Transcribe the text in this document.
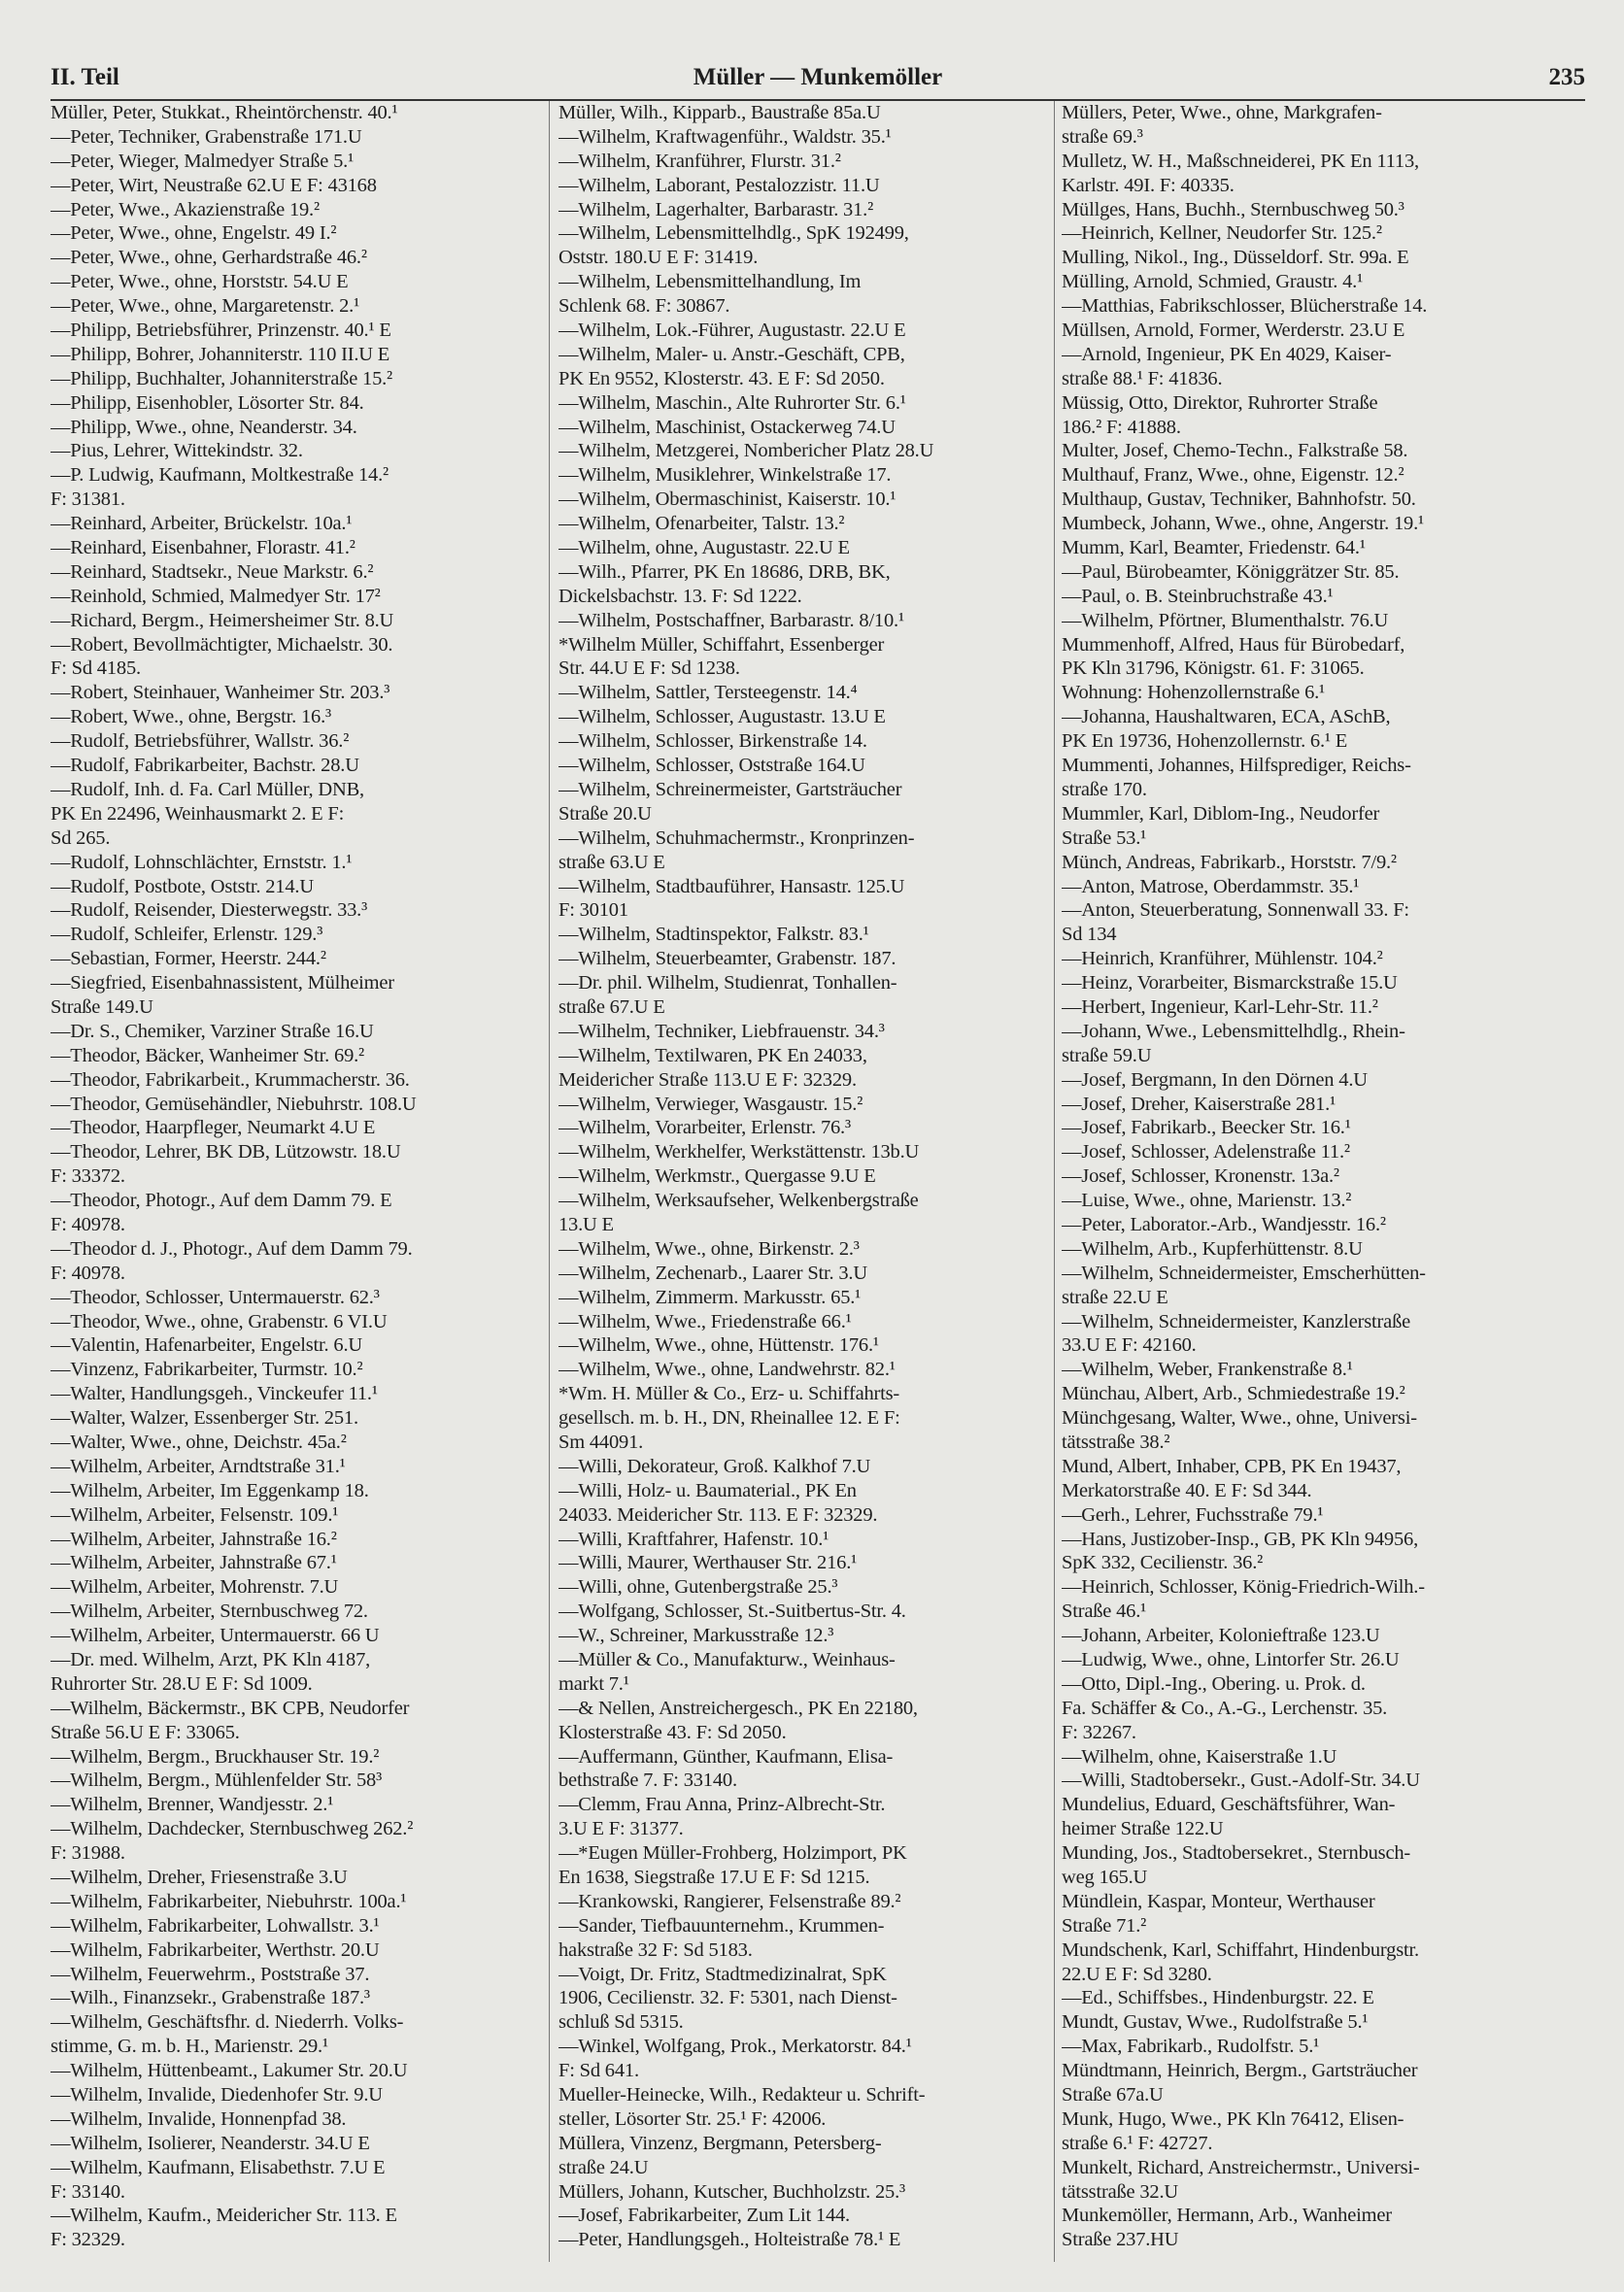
II. Teil	Müller — Munkemöller	235
Müller, Peter, Stukkat., Rheintörchenstr. 40.¹
—Peter, Techniker, Grabenstraße 171.U
—Peter, Wieger, Malmedyer Straße 5.¹
—Peter, Wirt, Neustraße 62.U E F: 43168
—Peter, Wwe., Akazienstraße 19.²
—Peter, Wwe., ohne, Engelstr. 49 I.²
—Peter, Wwe., ohne, Gerhardstraße 46.²
—Peter, Wwe., ohne, Horststr. 54.U E
—Peter, Wwe., ohne, Margaretenstr. 2.¹
—Philipp, Betriebsführer, Prinzenstr. 40.¹ E
—Philipp, Bohrer, Johanniterstr. 110 II.U E
—Philipp, Buchhalter, Johanniterstraße 15.²
—Philipp, Eisenhobler, Lösorter Str. 84.
—Philipp, Wwe., ohne, Neanderstr. 34.
—Pius, Lehrer, Wittekindstr. 32.
—P. Ludwig, Kaufmann, Moltkestraße 14.²
F: 31381.
—Reinhard, Arbeiter, Brückelstr. 10a.¹
—Reinhard, Eisenbahner, Florastr. 41.²
—Reinhard, Stadtsekr., Neue Markstr. 6.²
—Reinhold, Schmied, Malmedyer Str. 17²
—Richard, Bergm., Heimersheimer Str. 8.U
—Robert, Bevollmächtigter, Michaelstr. 30.
F: Sd 4185.
—Robert, Steinhauer, Wanheimer Str. 203.³
—Robert, Wwe., ohne, Bergstr. 16.³
—Rudolf, Betriebsführer, Wallstr. 36.²
—Rudolf, Fabrikarbeiter, Bachstr. 28.U
—Rudolf, Inh. d. Fa. Carl Müller, DNB,
PK En 22496, Weinhausmarkt 2. E F:
Sd 265.
—Rudolf, Lohnschlächter, Ernststr. 1.¹
—Rudolf, Postbote, Oststr. 214.U
—Rudolf, Reisender, Diesterwegstr. 33.³
—Rudolf, Schleifer, Erlenstr. 129.³
—Sebastian, Former, Heerstr. 244.²
—Siegfried, Eisenbahnassistent, Mülheimer
Straße 149.U
—Dr. S., Chemiker, Varziner Straße 16.U
—Theodor, Bäcker, Wanheimer Str. 69.²
—Theodor, Fabrikarbeit., Krummacherstr. 36.
—Theodor, Gemüsehändler, Niebuhrstr. 108.U
—Theodor, Haarpfleger, Neumarkt 4.U E
—Theodor, Lehrer, BK DB, Lützowstr. 18.U
F: 33372.
—Theodor, Photogr., Auf dem Damm 79. E
F: 40978.
—Theodor d. J., Photogr., Auf dem Damm 79.
F: 40978.
—Theodor, Schlosser, Untermauerstr. 62.³
—Theodor, Wwe., ohne, Grabenstr. 6 VI.U
—Valentin, Hafenarbeiter, Engelstr. 6.U
—Vinzenz, Fabrikarbeiter, Turmstr. 10.²
—Walter, Handlungsgeh., Vinckeufer 11.¹
—Walter, Walzer, Essenberger Str. 251.
—Walter, Wwe., ohne, Deichstr. 45a.²
—Wilhelm, Arbeiter, Arndtstraße 31.¹
—Wilhelm, Arbeiter, Im Eggenkamp 18.
—Wilhelm, Arbeiter, Felsenstr. 109.¹
—Wilhelm, Arbeiter, Jahnstraße 16.²
—Wilhelm, Arbeiter, Jahnstraße 67.¹
—Wilhelm, Arbeiter, Mohrenstr. 7.U
—Wilhelm, Arbeiter, Sternbuschweg 72.
—Wilhelm, Arbeiter, Untermauerstr. 66 U
—Dr. med. Wilhelm, Arzt, PK Kln 4187,
Ruhrorter Str. 28.U E F: Sd 1009.
—Wilhelm, Bäckermstr., BK CPB, Neudorfer
Straße 56.U E F: 33065.
—Wilhelm, Bergm., Bruckhauser Str. 19.²
—Wilhelm, Bergm., Mühlenfelder Str. 58³
—Wilhelm, Brenner, Wandjesstr. 2.¹
—Wilhelm, Dachdecker, Sternbuschweg 262.²
F: 31988.
—Wilhelm, Dreher, Friesenstraße 3.U
—Wilhelm, Fabrikarbeiter, Niebuhrstr. 100a.¹
—Wilhelm, Fabrikarbeiter, Lohwallstr. 3.¹
—Wilhelm, Fabrikarbeiter, Werthstr. 20.U
—Wilhelm, Feuerwehrm., Poststraße 37.
—Wilh., Finanzsekr., Grabenstraße 187.³
—Wilhelm, Geschäftsfhr. d. Niederrh. Volks-
stimme, G. m. b. H., Marienstr. 29.¹
—Wilhelm, Hüttenbeamt., Lakumer Str. 20.U
—Wilhelm, Invalide, Diedenhofer Str. 9.U
—Wilhelm, Invalide, Honnenpfad 38.
—Wilhelm, Isolierer, Neanderstr. 34.U E
—Wilhelm, Kaufmann, Elisabethstr. 7.U E
F: 33140.
—Wilhelm, Kaufm., Meidericher Str. 113. E
F: 32329.
Müller, Wilh., Kipparb., Baustraße 85a.U
—Wilhelm, Kraftwagenführ., Waldstr. 35.¹
—Wilhelm, Kranführer, Flurstr. 31.²
—Wilhelm, Laborant, Pestalozzistr. 11.U
—Wilhelm, Lagerhalter, Barbarastr. 31.²
—Wilhelm, Lebensmittelhdlg., SpK 192499,
Oststr. 180.U E F: 31419.
—Wilhelm, Lebensmittelhandlung, Im
Schlenk 68. F: 30867.
—Wilhelm, Lok.-Führer, Augustastr. 22.U E
—Wilhelm, Maler- u. Anstr.-Geschäft, CPB,
PK En 9552, Klosterstr. 43. E F: Sd 2050.
—Wilhelm, Maschin., Alte Ruhrorter Str. 6.¹
—Wilhelm, Maschinist, Ostackerweg 74.U
—Wilhelm, Metzgerei, Nombericher Platz 28.U
—Wilhelm, Musiklehrer, Winkelstraße 17.
—Wilhelm, Obermaschinist, Kaiserstr. 10.¹
—Wilhelm, Ofenarbeiter, Talstr. 13.²
—Wilhelm, ohne, Augustastr. 22.U E
—Wilh., Pfarrer, PK En 18686, DRB, BK,
Dickelsbachstr. 13. F: Sd 1222.
—Wilhelm, Postschaffner, Barbarastr. 8/10.¹
*Wilhelm Müller, Schiffahrt, Essenberger
Str. 44.U E F: Sd 1238.
—Wilhelm, Sattler, Tersteegenstr. 14.⁴
—Wilhelm, Schlosser, Augustastr. 13.U E
—Wilhelm, Schlosser, Birkenstraße 14.
—Wilhelm, Schlosser, Oststraße 164.U
—Wilhelm, Schreinermeister, Gartsträucher
Straße 20.U
—Wilhelm, Schuhmachermstr., Kronprinzen-
straße 63.U E
—Wilhelm, Stadtbauführer, Hansastr. 125.U
F: 30101
—Wilhelm, Stadtinspektor, Falkstr. 83.¹
—Wilhelm, Steuerbeamter, Grabenstr. 187.
—Dr. phil. Wilhelm, Studienrat, Tonhallen-
straße 67.U E
—Wilhelm, Techniker, Liebfrauenstr. 34.³
—Wilhelm, Textilwaren, PK En 24033,
Meidericher Straße 113.U E F: 32329.
—Wilhelm, Verwieger, Wasgaustr. 15.²
—Wilhelm, Vorarbeiter, Erlenstr. 76.³
—Wilhelm, Werkhelfer, Werkstättenstr. 13b.U
—Wilhelm, Werkmstr., Quergasse 9.U E
—Wilhelm, Werksaufseher, Welkenbergstraße
13.U E
—Wilhelm, Wwe., ohne, Birkenstr. 2.³
—Wilhelm, Zechenarb., Laarer Str. 3.U
—Wilhelm, Zimmerm. Markusstr. 65.¹
—Wilhelm, Wwe., Friedenstraße 66.¹
—Wilhelm, Wwe., ohne, Hüttenstr. 176.¹
—Wilhelm, Wwe., ohne, Landwehrstr. 82.¹
*Wm. H. Müller & Co., Erz- u. Schiffahrts-
gesellsch. m. b. H., DN, Rheinallee 12. E F:
Sm 44091.
—Willi, Dekorateur, Groß. Kalkhof 7.U
—Willi, Holz- u. Baumaterial., PK En
24033. Meidericher Str. 113. E F: 32329.
—Willi, Kraftfahrer, Hafenstr. 10.¹
—Willi, Maurer, Werthauser Str. 216.¹
—Willi, ohne, Gutenbergstraße 25.³
—Wolfgang, Schlosser, St.-Suitbertus-Str. 4.
—W., Schreiner, Markusstraße 12.³
—Müller & Co., Manufakturw., Weinhaus-
markt 7.¹
—& Nellen, Anstreichergesch., PK En 22180,
Klosterstraße 43. F: Sd 2050.
—Auffermann, Günther, Kaufmann, Elisa-
bethstraße 7. F: 33140.
—Clemm, Frau Anna, Prinz-Albrecht-Str.
3.U E F: 31377.
—*Eugen Müller-Frohberg, Holzimport, PK
En 1638, Siegstraße 17.U E F: Sd 1215.
—Krankowski, Rangierer, Felsenstraße 89.²
—Sander, Tiefbauunternehm., Krummen-
hakstraße 32 F: Sd 5183.
—Voigt, Dr. Fritz, Stadtmedizinalrat, SpK
1906, Cecilienstr. 32. F: 5301, nach Dienst-
schluß Sd 5315.
—Winkel, Wolfgang, Prok., Merkatorstr. 84.¹
F: Sd 641.
Mueller-Heinecke, Wilh., Redakteur u. Schrift-
steller, Lösorter Str. 25.¹ F: 42006.
Müllera, Vinzenz, Bergmann, Petersberg-
straße 24.U
Müllers, Johann, Kutscher, Buchholzstr. 25.³
—Josef, Fabrikarbeiter, Zum Lit 144.
—Peter, Handlungsgeh., Holteistraße 78.¹ E
Müllers, Peter, Wwe., ohne, Markgrafen-
straße 69.³
Mulletz, W. H., Maßschneiderei, PK En 1113,
Karlstr. 49I. F: 40335.
Müllges, Hans, Buchh., Sternbuschweg 50.³
—Heinrich, Kellner, Neudorfer Str. 125.²
Mulling, Nikol., Ing., Düsseldorf. Str. 99a. E
Mülling, Arnold, Schmied, Graustr. 4.¹
—Matthias, Fabrikschlosser, Blücherstraße 14.
Müllsen, Arnold, Former, Werderstr. 23.U E
—Arnold, Ingenieur, PK En 4029, Kaiser-
straße 88.¹ F: 41836.
Müssig, Otto, Direktor, Ruhrorter Straße
186.² F: 41888.
Multer, Josef, Chemo-Techn., Falkstraße 58.
Multhauf, Franz, Wwe., ohne, Eigenstr. 12.²
Multhaup, Gustav, Techniker, Bahnhofstr. 50.
Mumbeck, Johann, Wwe., ohne, Angerstr. 19.¹
Mumm, Karl, Beamter, Friedenstr. 64.¹
—Paul, Bürobeamter, Königgrätzer Str. 85.
—Paul, o. B. Steinbruchstraße 43.¹
—Wilhelm, Pförtner, Blumenthalstr. 76.U
Mummenhoff, Alfred, Haus für Bürobedarf,
PK Kln 31796, Königstr. 61. F: 31065.
Wohnung: Hohenzollernstraße 6.¹
—Johanna, Haushaltwaren, ECA, ASchB,
PK En 19736, Hohenzollernstr. 6.¹ E
Mummenti, Johannes, Hilfsprediger, Reichs-
straße 170.
Mummler, Karl, Diblom-Ing., Neudorfer
Straße 53.¹
Münch, Andreas, Fabrikarb., Horststr. 7/9.²
—Anton, Matrose, Oberdammstr. 35.¹
—Anton, Steuerberatung, Sonnenwall 33. F:
Sd 134
—Heinrich, Kranführer, Mühlenstr. 104.²
—Heinz, Vorarbeiter, Bismarckstraße 15.U
—Herbert, Ingenieur, Karl-Lehr-Str. 11.²
—Johann, Wwe., Lebensmittelhdlg., Rhein-
straße 59.U
—Josef, Bergmann, In den Dörnen 4.U
—Josef, Dreher, Kaiserstraße 281.¹
—Josef, Fabrikarb., Beecker Str. 16.¹
—Josef, Schlosser, Adelenstraße 11.²
—Josef, Schlosser, Kronenstr. 13a.²
—Luise, Wwe., ohne, Marienstr. 13.²
—Peter, Laborator.-Arb., Wandjesstr. 16.²
—Wilhelm, Arb., Kupferhüttenstr. 8.U
—Wilhelm, Schneidermeister, Emscherhütten-
straße 22.U E
—Wilhelm, Schneidermeister, Kanzlerstraße
33.U E F: 42160.
—Wilhelm, Weber, Frankenstraße 8.¹
Münchau, Albert, Arb., Schmiedestraße 19.²
Münchgesang, Walter, Wwe., ohne, Universi-
tätsstraße 38.²
Mund, Albert, Inhaber, CPB, PK En 19437,
Merkatorstraße 40. E F: Sd 344.
—Gerh., Lehrer, Fuchsstraße 79.¹
—Hans, Justizober-Insp., GB, PK Kln 94956,
SpK 332, Cecilienstr. 36.²
—Heinrich, Schlosser, König-Friedrich-Wilh.-
Straße 46.¹
—Johann, Arbeiter, Kolonieftraße 123.U
—Ludwig, Wwe., ohne, Lintorfer Str. 26.U
—Otto, Dipl.-Ing., Obering. u. Prok. d.
Fa. Schäffer & Co., A.-G., Lerchenstr. 35.
F: 32267.
—Wilhelm, ohne, Kaiserstraße 1.U
—Willi, Stadtobersekr., Gust.-Adolf-Str. 34.U
Mundelius, Eduard, Geschäftsführer, Wan-
heimer Straße 122.U
Munding, Jos., Stadtobersekret., Sternbusch-
weg 165.U
Mündlein, Kaspar, Monteur, Werthauser
Straße 71.²
Mundschenk, Karl, Schiffahrt, Hindenburgstr.
22.U E F: Sd 3280.
—Ed., Schiffsbes., Hindenburgstr. 22. E
Mundt, Gustav, Wwe., Rudolfstraße 5.¹
—Max, Fabrikarb., Rudolfstr. 5.¹
Mündtmann, Heinrich, Bergm., Gartsträucher
Straße 67a.U
Munk, Hugo, Wwe., PK Kln 76412, Elisen-
straße 6.¹ F: 42727.
Munkelt, Richard, Anstreichermstr., Universi-
tätsstraße 32.U
Munkemöller, Hermann, Arb., Wanheimer
Straße 237.HU
